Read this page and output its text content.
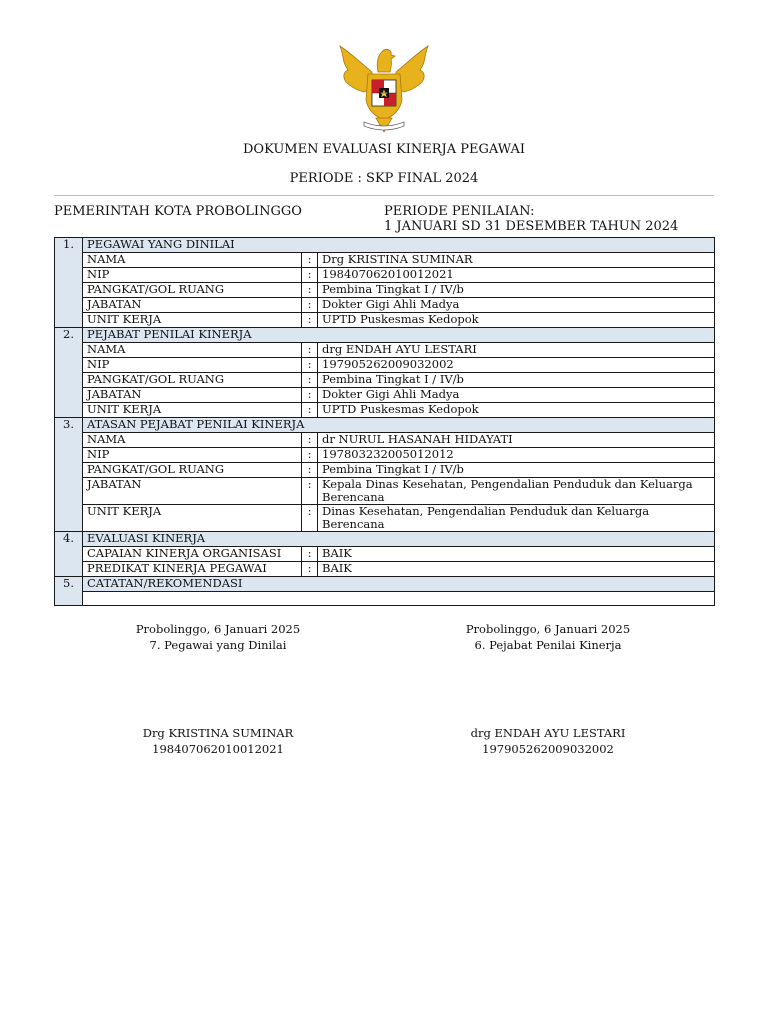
DOKUMEN EVALUASI KINERJA PEGAWAI
PERIODE : SKP FINAL 2024
PEMERINTAH KOTA PROBOLINGGO	PERIODE PENILAIAN:
1 JANUARI SD 31 DESEMBER TAHUN 2024
1.	PEGAWAI YANG DINILAI		
	NAMA	:	Drg KRISTINA SUMINAR
	NIP	:	198407062010012021
	PANGKAT/GOL RUANG	:	Pembina Tingkat I / IV/b
	JABATAN	:	Dokter Gigi Ahli Madya
	UNIT KERJA	:	UPTD Puskesmas Kedopok
2.	PEJABAT PENILAI KINERJA		
	NAMA	:	drg ENDAH AYU LESTARI
	NIP	:	197905262009032002
	PANGKAT/GOL RUANG	:	Pembina Tingkat I / IV/b
	JABATAN	:	Dokter Gigi Ahli Madya
	UNIT KERJA	:	UPTD Puskesmas Kedopok
3.	ATASAN PEJABAT PENILAI KINERJA		
	NAMA	:	dr NURUL HASANAH HIDAYATI
	NIP	:	197803232005012012
	PANGKAT/GOL RUANG	:	Pembina Tingkat I / IV/b
	JABATAN	:	Kepala Dinas Kesehatan, Pengendalian Penduduk dan Keluarga Berencana
	UNIT KERJA	:	Dinas Kesehatan, Pengendalian Penduduk dan Keluarga Berencana
4.	EVALUASI KINERJA		
	CAPAIAN KINERJA ORGANISASI	:	BAIK
	PREDIKAT KINERJA PEGAWAI	:	BAIK
5.	CATATAN/REKOMENDASI		

Probolinggo, 6 Januari 2025
7. Pegawai yang Dinilai
Probolinggo, 6 Januari 2025
6. Pejabat Penilai Kinerja
Drg KRISTINA SUMINAR
198407062010012021
drg ENDAH AYU LESTARI
197905262009032002
